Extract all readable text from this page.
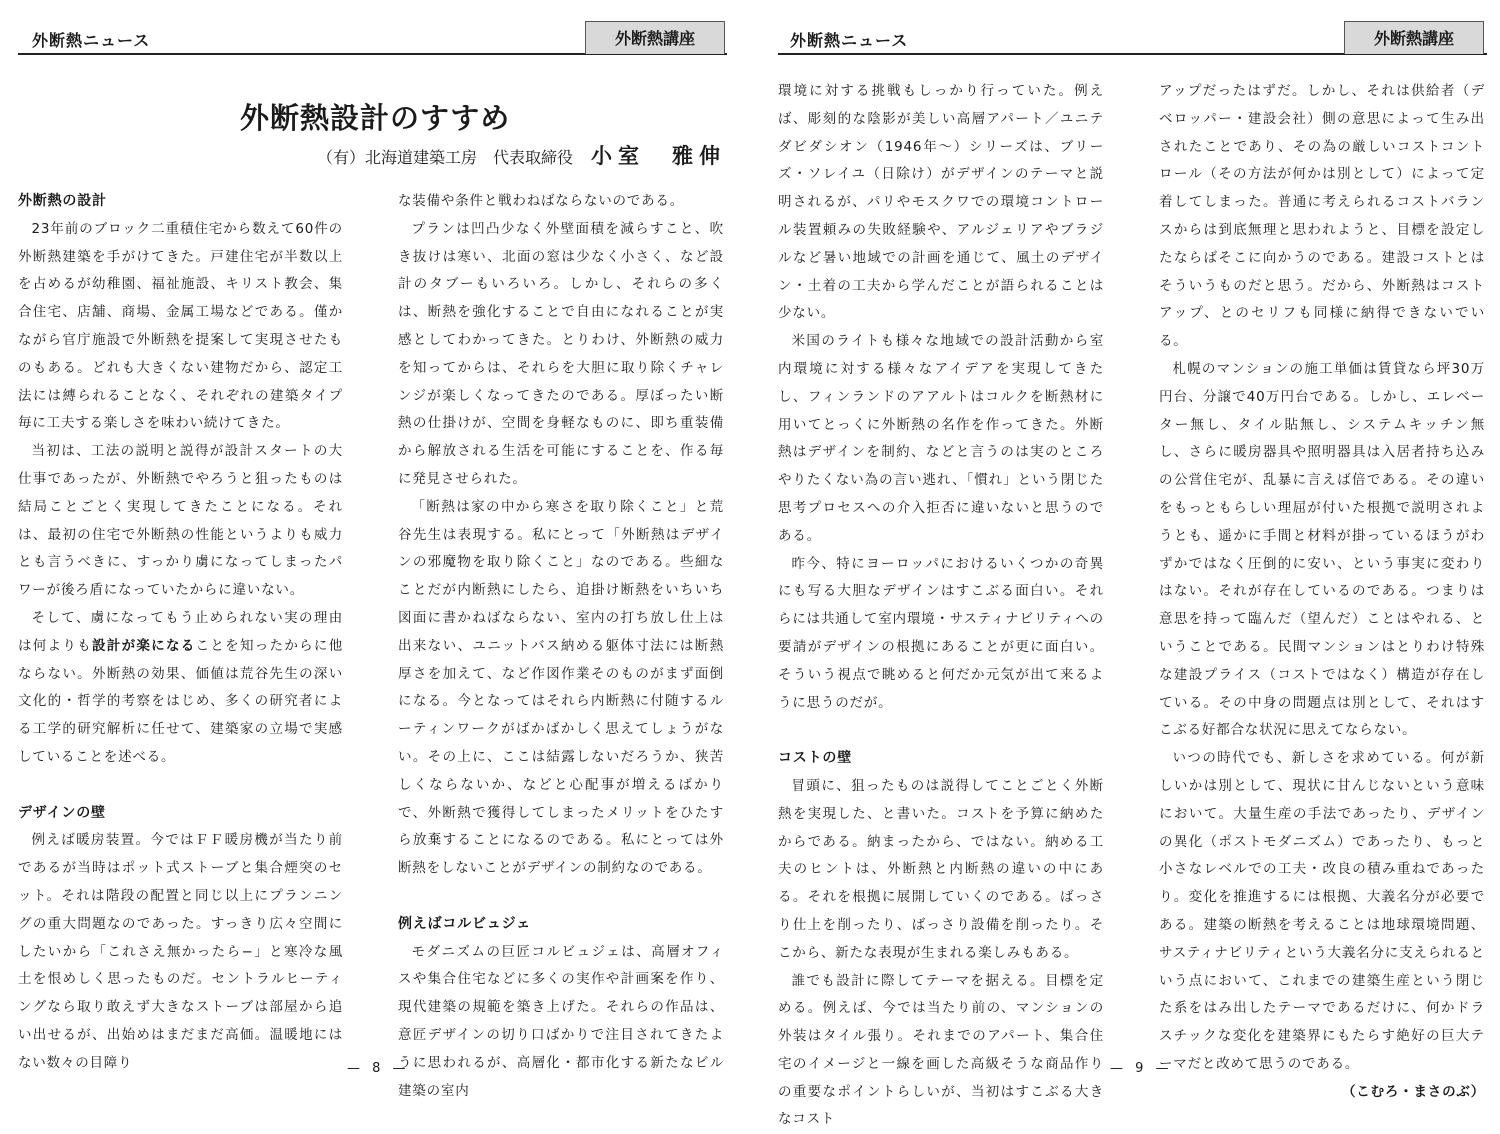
外断熱ニュース	外断熱講座
外断熱設計のすすめ
（有）北海道建築工房　代表取締役 小室　雅伸
外断熱の設計

23年前のブロック二重積住宅から数えて60件の外断熱建築を手がけてきた。戸建住宅が半数以上を占めるが幼稚園、福祉施設、キリスト教会、集合住宅、店舗、商場、金属工場などである。僅かながら官庁施設で外断熱を提案して実現させたものもある。どれも大きくない建物だから、認定工法には縛られることなく、それぞれの建築タイプ毎に工夫する楽しさを味わい続けてきた。

当初は、工法の説明と説得が設計スタートの大仕事であったが、外断熱でやろうと狙ったものは結局ことごとく実現してきたことになる。それは、最初の住宅で外断熱の性能というよりも威力とも言うべきに、すっかり虜になってしまったパワーが後ろ盾になっていたからに違いない。

そして、虜になってもう止められない実の理由は何よりも設計が楽になることを知ったからに他ならない。外断熱の効果、価値は荒谷先生の深い文化的・哲学的考察をはじめ、多くの研究者による工学的研究解析に任せて、建築家の立場で実感していることを述べる。

デザインの壁

例えば暖房装置。今ではＦＦ暖房機が当たり前であるが当時はポット式ストーブと集合煙突のセット。それは階段の配置と同じ以上にプランニングの重大問題なのであった。すっきり広々空間にしたいから「これさえ無かったら−」と寒冷な風土を恨めしく思ったものだ。セントラルヒーティングなら取り敢えず大きなストーブは部屋から追い出せるが、出始めはまだまだ高価。温暖地にはない数々の目障り

な装備や条件と戦わねばならないのである。

プランは凹凸少なく外壁面積を減らすこと、吹き抜けは寒い、北面の窓は少なく小さく、など設計のタブーもいろいろ。しかし、それらの多くは、断熱を強化することで自由になれることが実感としてわかってきた。とりわけ、外断熱の威力を知ってからは、それらを大胆に取り除くチャレンジが楽しくなってきたのである。厚ぼったい断熱の仕掛けが、空間を身軽なものに、即ち重装備から解放される生活を可能にすることを、作る毎に発見させられた。

「断熱は家の中から寒さを取り除くこと」と荒谷先生は表現する。私にとって「外断熱はデザインの邪魔物を取り除くこと」なのである。些細なことだが内断熱にしたら、追掛け断熱をいちいち図面に書かねばならない、室内の打ち放し仕上は出来ない、ユニットバス納める躯体寸法には断熱厚さを加えて、など作図作業そのものがまず面倒になる。今となってはそれら内断熱に付随するルーティンワークがばかばかしく思えてしょうがない。その上に、ここは結露しないだろうか、狭苦しくならないか、などと心配事が増えるばかりで、外断熱で獲得してしまったメリットをひたすら放棄することになるのである。私にとっては外断熱をしないことがデザインの制約なのである。

例えばコルビュジェ

モダニズムの巨匠コルビュジェは、高層オフィスや集合住宅などに多くの実作や計画案を作り、現代建築の規範を築き上げた。それらの作品は、意匠デザインの切り口ばかりで注目されてきたように思われるが、高層化・都市化する新たなビル建築の室内

— 8 —
外断熱ニュース	外断熱講座

環境に対する挑戦もしっかり行っていた。例えば、彫刻的な陰影が美しい高層アパート／ユニテ ダビダシオン（1946年〜）シリーズは、ブリーズ・ソレイユ（日除け）がデザインのテーマと説明されるが、パリやモスクワでの環境コントロール装置頼みの失敗経験や、アルジェリアやブラジルなど暑い地域での計画を通じて、風土のデザイン・土着の工夫から学んだことが語られることは少ない。

米国のライトも様々な地域での設計活動から室内環境に対する様々なアイデアを実現してきたし、フィンランドのアアルトはコルクを断熱材に用いてとっくに外断熱の名作を作ってきた。外断熱はデザインを制約、などと言うのは実のところやりたくない為の言い逃れ、「慣れ」という閉じた思考プロセスへの介入拒否に違いないと思うのである。

昨今、特にヨーロッパにおけるいくつかの奇異にも写る大胆なデザインはすこぶる面白い。それらには共通して室内環境・サスティナビリティへの要請がデザインの根拠にあることが更に面白い。そういう視点で眺めると何だか元気が出て来るように思うのだが。

コストの壁

冒頭に、狙ったものは説得してことごとく外断熱を実現した、と書いた。コストを予算に納めたからである。納まったから、ではない。納める工夫のヒントは、外断熱と内断熱の違いの中にある。それを根拠に展開していくのである。ばっさり仕上を削ったり、ばっさり設備を削ったり。そこから、新たな表現が生まれる楽しみもある。

誰でも設計に際してテーマを据える。目標を定める。例えば、今では当たり前の、マンションの外装はタイル張り。それまでのアパート、集合住宅のイメージと一線を画した高級そうな商品作りの重要なポイントらしいが、当初はすこぶる大きなコスト

アップだったはずだ。しかし、それは供給者（デベロッパー・建設会社）側の意思によって生み出されたことであり、その為の厳しいコストコントロール（その方法が何かは別として）によって定着してしまった。普通に考えられるコストバランスからは到底無理と思われようと、目標を設定したならばそこに向かうのである。建設コストとはそういうものだと思う。だから、外断熱はコストアップ、とのセリフも同様に納得できないでいる。

札幌のマンションの施工単価は賃貸なら坪30万円台、分譲で40万円台である。しかし、エレベーター無し、タイル貼無し、システムキッチン無し、さらに暖房器具や照明器具は入居者持ち込みの公営住宅が、乱暴に言えば倍である。その違いをもっともらしい理屈が付いた根拠で説明されようとも、遥かに手間と材料が掛っているほうがわずかではなく圧倒的に安い、という事実に変わりはない。それが存在しているのである。つまりは意思を持って臨んだ（望んだ）ことはやれる、ということである。民間マンションはとりわけ特殊な建設プライス（コストではなく）構造が存在している。その中身の問題点は別として、それはすこぶる好都合な状況に思えてならない。

いつの時代でも、新しさを求めている。何が新しいかは別として、現状に甘んじないという意味において。大量生産の手法であったり、デザインの異化（ポストモダニズム）であったり、もっと小さなレベルでの工夫・改良の積み重ねであったり。変化を推進するには根拠、大義名分が必要である。建築の断熱を考えることは地球環境問題、サスティナビリティという大義名分に支えられるという点において、これまでの建築生産という閉じた系をはみ出したテーマであるだけに、何かドラスチックな変化を建築界にもたらす絶好の巨大テーマだと改めて思うのである。

（こむろ・まさのぶ）
— 9 —
